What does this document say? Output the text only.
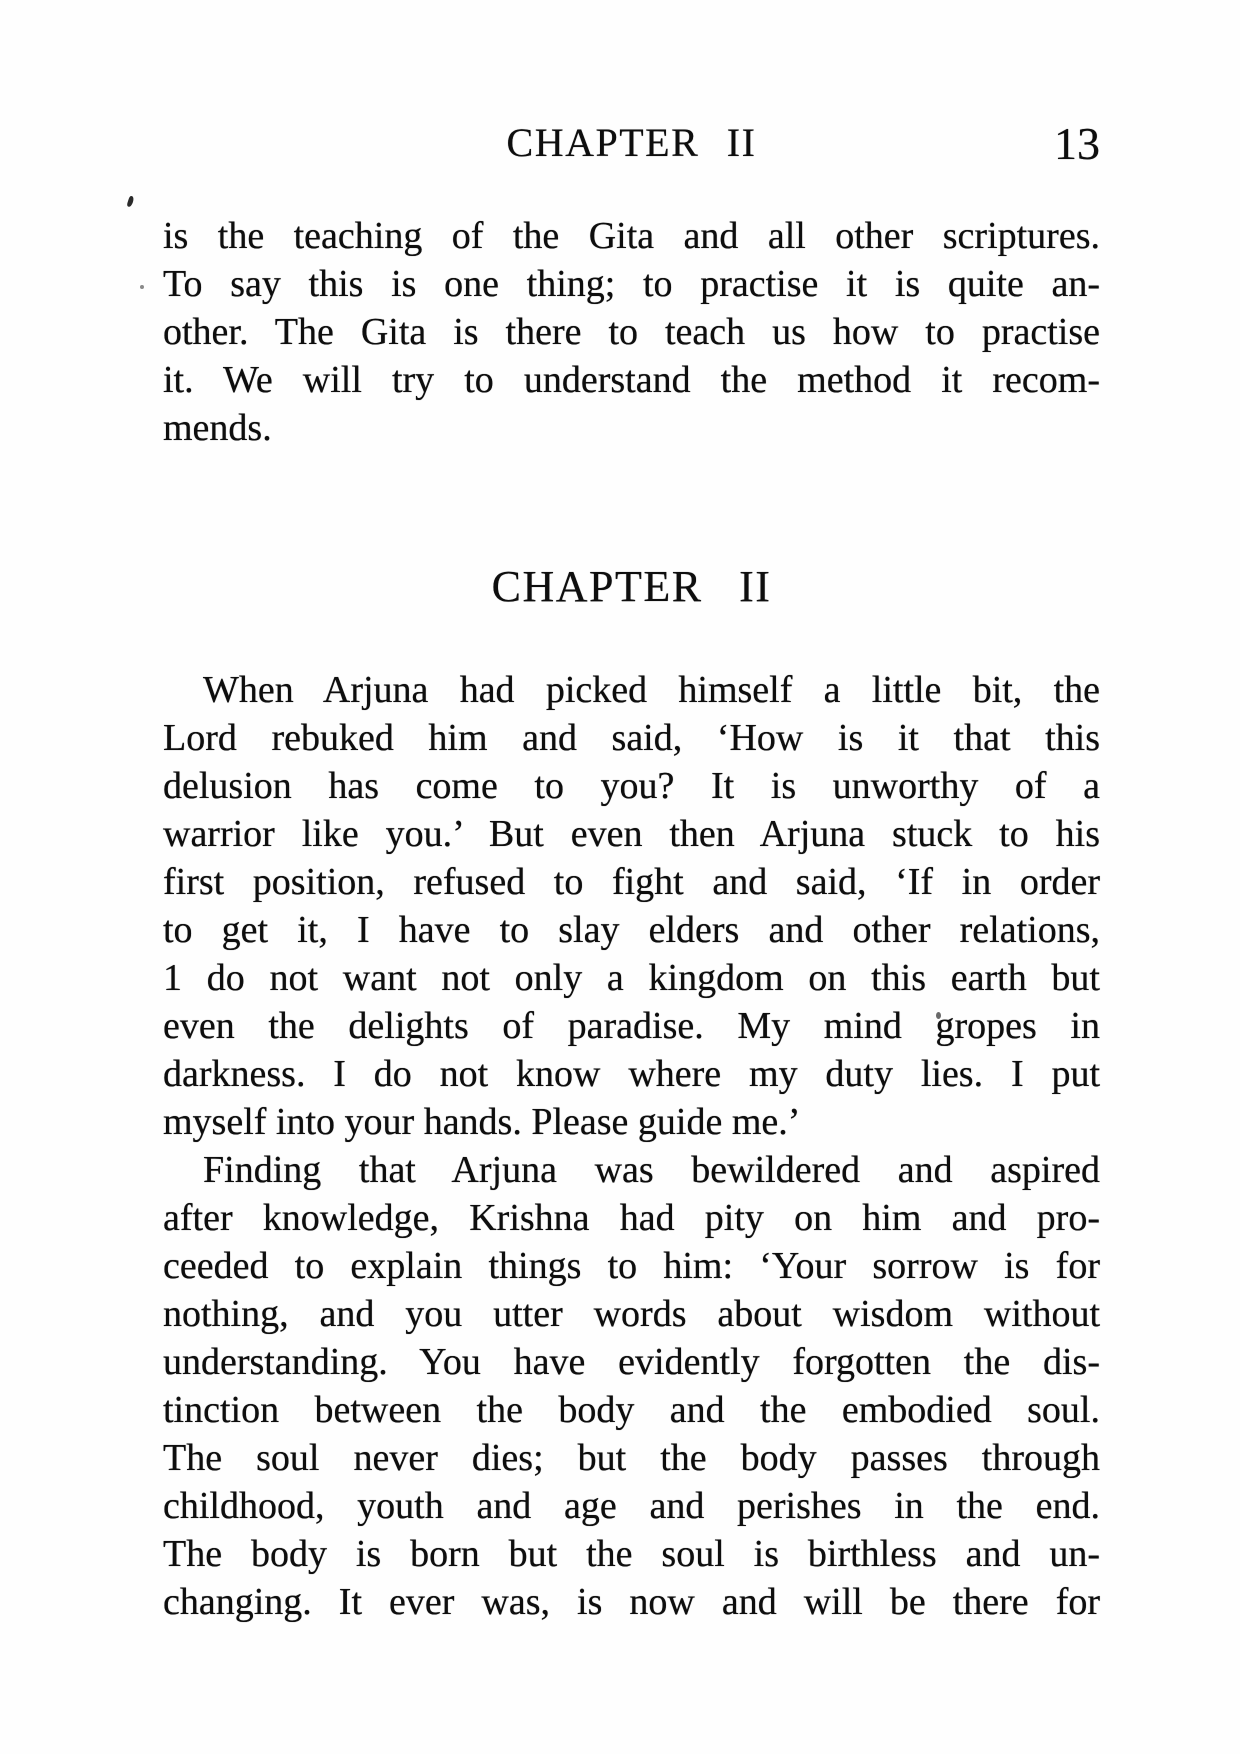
CHAPTER II	13
is the teaching of the Gita and all other scriptures.
To say this is one thing; to practise it is quite an-
other. The Gita is there to teach us how to practise
it. We will try to understand the method it recom-
mends.
CHAPTER II
When Arjuna had picked himself a little bit, the
Lord rebuked him and said, ‘How is it that this
delusion has come to you? It is unworthy of a
warrior like you.’ But even then Arjuna stuck to his
first position, refused to fight and said, ‘If in order
to get it, I have to slay elders and other relations,
1 do not want not only a kingdom on this earth but
even the delights of paradise. My mind gropes in
darkness. I do not know where my duty lies. I put
myself into your hands. Please guide me.’
Finding that Arjuna was bewildered and aspired
after knowledge, Krishna had pity on him and pro-
ceeded to explain things to him: ‘Your sorrow is for
nothing, and you utter words about wisdom without
understanding. You have evidently forgotten the dis-
tinction between the body and the embodied soul.
The soul never dies; but the body passes through
childhood, youth and age and perishes in the end.
The body is born but the soul is birthless and un-
changing. It ever was, is now and will be there for
